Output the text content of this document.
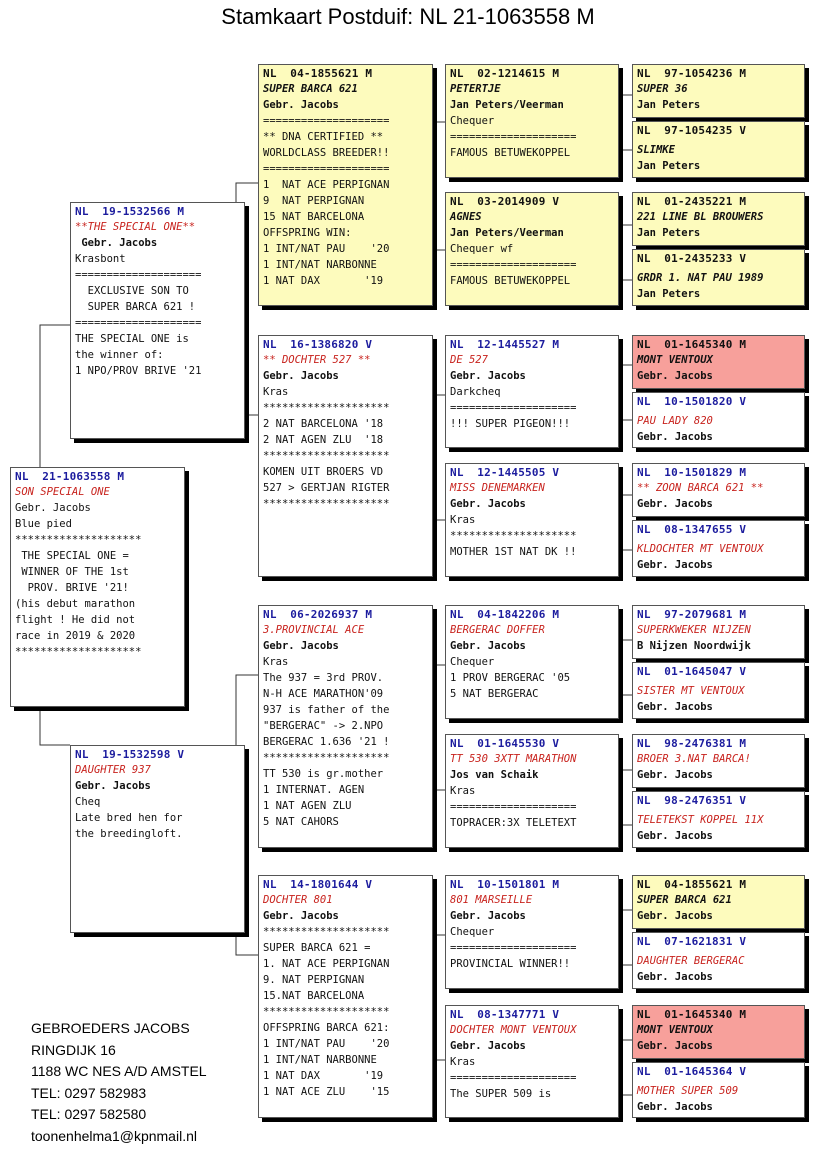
Stamkaart Postduif: NL 21-1063558 M
NL  21-1063558 M
SON SPECIAL ONE
Gebr. Jacobs
Blue pied
********************
THE SPECIAL ONE =
WINNER OF THE 1st
PROV. BRIVE '21!
(his debut marathon
flight ! He did not
race in 2019 & 2020
********************
NL  19-1532566 M
**THE SPECIAL ONE**
Gebr. Jacobs
Krasbont
====================
EXCLUSIVE SON TO
SUPER BARCA 621 !
====================
THE SPECIAL ONE is
the winner of:
1 NPO/PROV BRIVE '21
NL  19-1532598 V
DAUGHTER 937
Gebr. Jacobs
Cheq
Late bred hen for
the breedingloft.
NL  04-1855621 M
SUPER BARCA 621
Gebr. Jacobs
====================
** DNA CERTIFIED **
WORLDCLASS BREEDER!!
====================
1  NAT ACE PERPIGNAN
9  NAT PERPIGNAN
15 NAT BARCELONA
OFFSPRING WIN:
1 INT/NAT PAU    '20
1 INT/NAT NARBONNE
1 NAT DAX       '19
NL  16-1386820 V
** DOCHTER 527 **
Gebr. Jacobs
Kras
********************
2 NAT BARCELONA '18
2 NAT AGEN ZLU  '18
********************
KOMEN UIT BROERS VD
527 > GERTJAN RIGTER
********************
NL  06-2026937 M
3.PROVINCIAL ACE
Gebr. Jacobs
Kras
The 937 = 3rd PROV.
N-H ACE MARATHON'09
937 is father of the
"BERGERAC" -> 2.NPO
BERGERAC 1.636 '21 !
********************
TT 530 is gr.mother
1 INTERNAT. AGEN
1 NAT AGEN ZLU
5 NAT CAHORS
NL  14-1801644 V
DOCHTER 801
Gebr. Jacobs
********************
SUPER BARCA 621 =
1. NAT ACE PERPIGNAN
9. NAT PERPIGNAN
15.NAT BARCELONA
********************
OFFSPRING BARCA 621:
1 INT/NAT PAU    '20
1 INT/NAT NARBONNE
1 NAT DAX       '19
1 NAT ACE ZLU    '15
NL  02-1214615 M
PETERTJE
Jan Peters/Veerman
Chequer
====================
FAMOUS BETUWEKOPPEL
NL  03-2014909 V
AGNES
Jan Peters/Veerman
Chequer wf
====================
FAMOUS BETUWEKOPPEL
NL  12-1445527 M
DE 527
Gebr. Jacobs
Darkcheq
====================
!!! SUPER PIGEON!!!
NL  12-1445505 V
MISS DENEMARKEN
Gebr. Jacobs
Kras
********************
MOTHER 1ST NAT DK !!
NL  04-1842206 M
BERGERAC DOFFER
Gebr. Jacobs
Chequer
1 PROV BERGERAC '05
5 NAT BERGERAC
NL  01-1645530 V
TT 530 3XTT MARATHON
Jos van Schaik
Kras
====================
TOPRACER:3X TELETEXT
NL  10-1501801 M
801 MARSEILLE
Gebr. Jacobs
Chequer
====================
PROVINCIAL WINNER!!
NL  08-1347771 V
DOCHTER MONT VENTOUX
Gebr. Jacobs
Kras
====================
The SUPER 509 is
NL  97-1054236 M
SUPER 36
Jan Peters
NL  97-1054235 V
SLIMKE
Jan Peters
NL  01-2435221 M
221 LINE BL BROUWERS
Jan Peters
NL  01-2435233 V
GRDR 1. NAT PAU 1989
Jan Peters
NL  01-1645340 M
MONT VENTOUX
Gebr. Jacobs
NL  10-1501820 V
PAU LADY 820
Gebr. Jacobs
NL  10-1501829 M
** ZOON BARCA 621 **
Gebr. Jacobs
NL  08-1347655 V
KLDOCHTER MT VENTOUX
Gebr. Jacobs
NL  97-2079681 M
SUPERKWEKER NIJZEN
B Nijzen Noordwijk
NL  01-1645047 V
SISTER MT VENTOUX
Gebr. Jacobs
NL  98-2476381 M
BROER 3.NAT BARCA!
Gebr. Jacobs
NL  98-2476351 V
TELETEKST KOPPEL 11X
Gebr. Jacobs
NL  04-1855621 M
SUPER BARCA 621
Gebr. Jacobs
NL  07-1621831 V
DAUGHTER BERGERAC
Gebr. Jacobs
NL  01-1645340 M
MONT VENTOUX
Gebr. Jacobs
NL  01-1645364 V
MOTHER SUPER 509
Gebr. Jacobs
GEBROEDERS JACOBS
RINGDIJK 16
1188 WC NES A/D AMSTEL
TEL: 0297 582983
TEL: 0297 582580
toonenhelma1@kpnmail.nl
